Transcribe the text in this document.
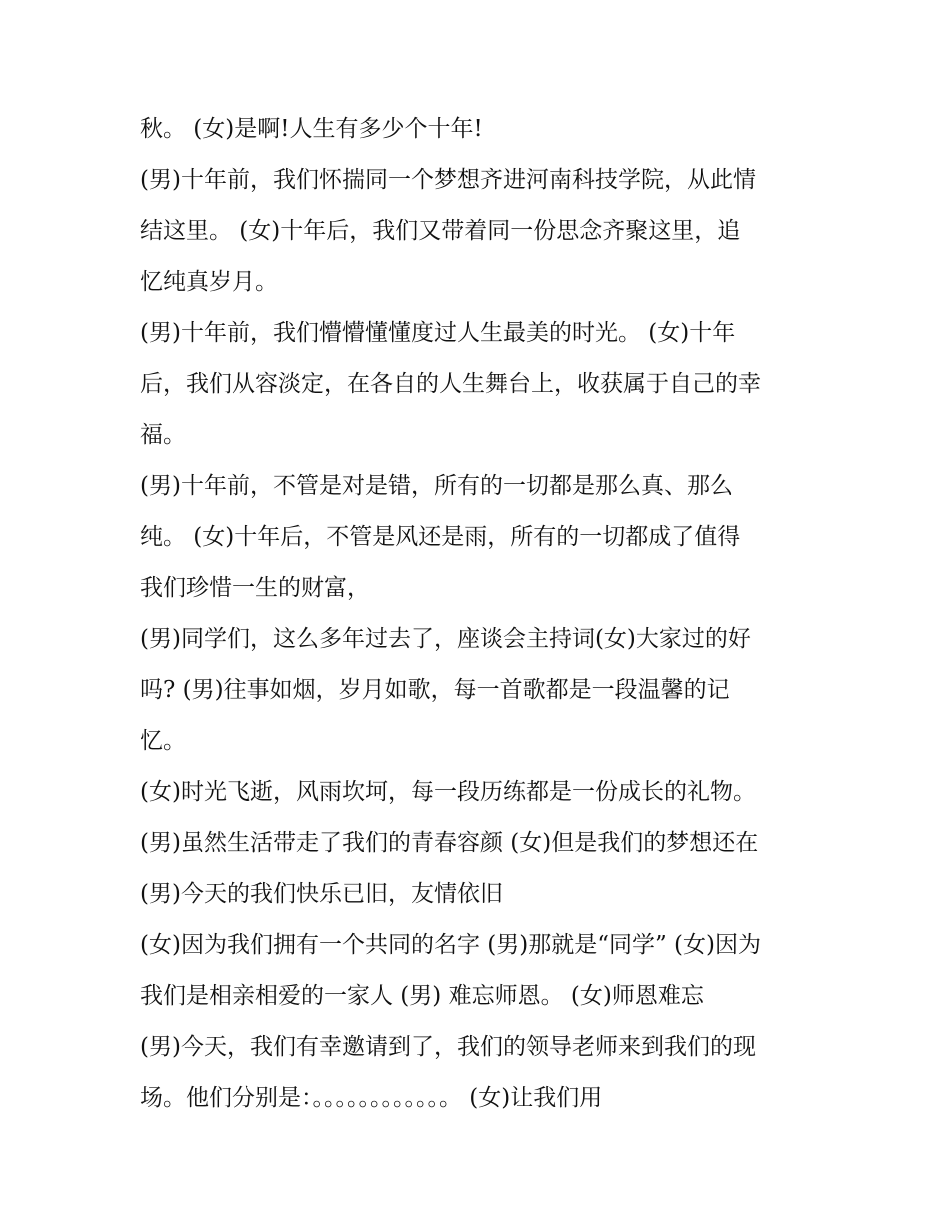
秋。 (女)是啊!人生有多少个十年!
(男)十年前，我们怀揣同一个梦想齐进河南科技学院，从此情
结这里。 (女)十年后，我们又带着同一份思念齐聚这里，追
忆纯真岁月。
(男)十年前，我们懵懵懂懂度过人生最美的时光。 (女)十年
后，我们从容淡定，在各自的人生舞台上，收获属于自己的幸
福。
(男)十年前，不管是对是错，所有的一切都是那么真、那么
纯。 (女)十年后，不管是风还是雨，所有的一切都成了值得
我们珍惜一生的财富，
(男)同学们，这么多年过去了，座谈会主持词(女)大家过的好
吗? (男)往事如烟，岁月如歌，每一首歌都是一段温馨的记
忆。
(女)时光飞逝，风雨坎坷，每一段历练都是一份成长的礼物。
(男)虽然生活带走了我们的青春容颜 (女)但是我们的梦想还在
(男)今天的我们快乐已旧，友情依旧
(女)因为我们拥有一个共同的名字 (男)那就是“同学” (女)因为
我们是相亲相爱的一家人 (男) 难忘师恩。 (女)师恩难忘
(男)今天，我们有幸邀请到了，我们的领导老师来到我们的现
场。他们分别是：。。。。。。。。。。。。 (女)让我们用
